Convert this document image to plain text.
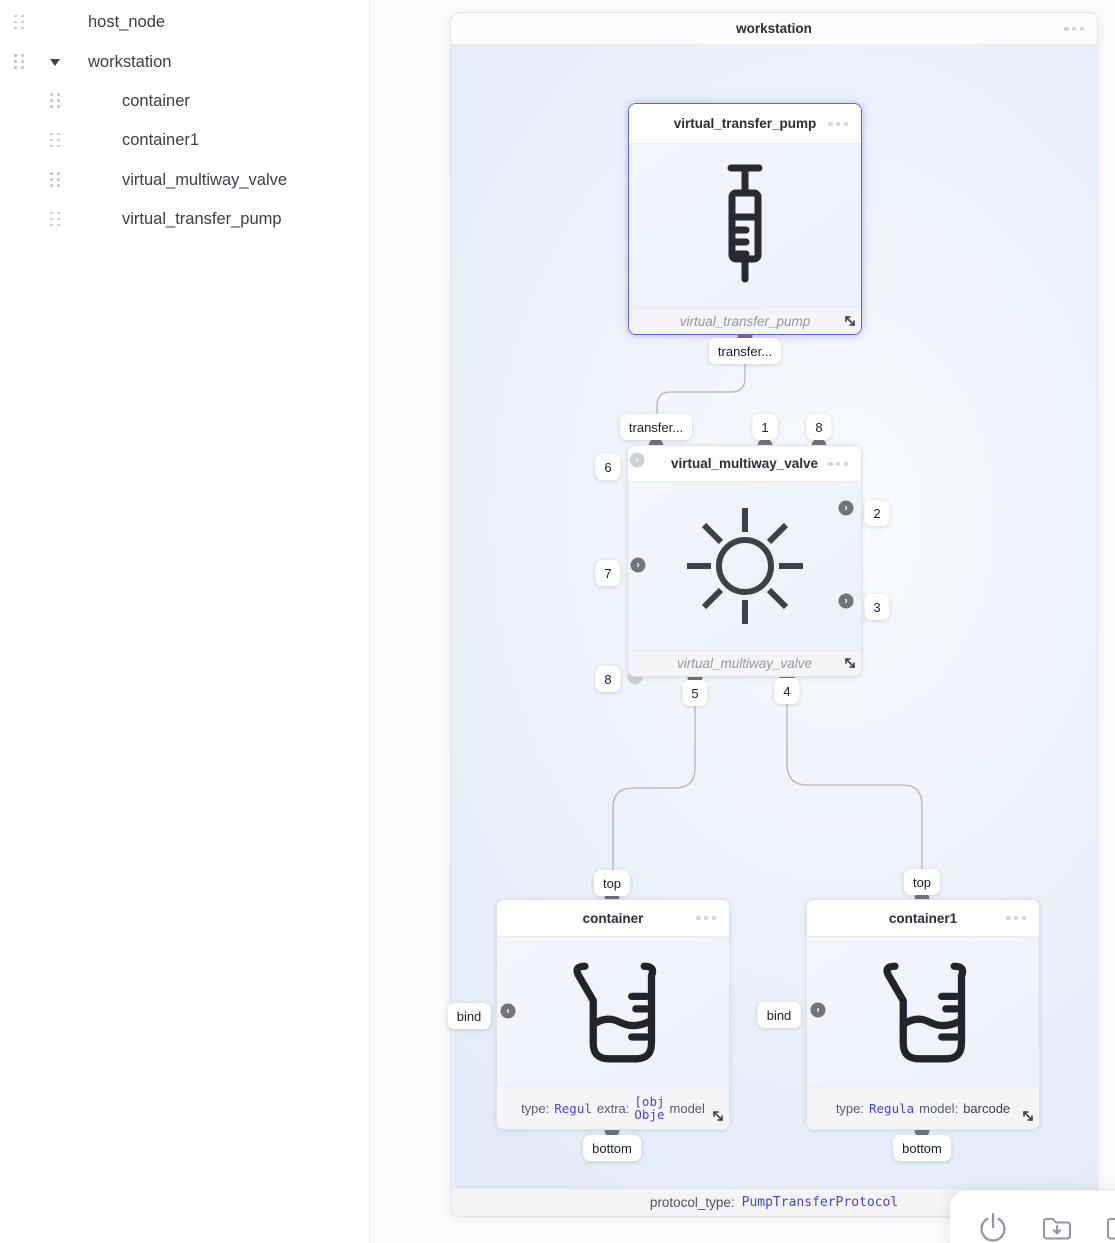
host_node
workstation
container
container1
virtual_multiway_valve
virtual_transfer_pump
workstation
protocol_type: PumpTransferProtocol
virtual_transfer_pump
virtual_transfer_pump
virtual_multiway_valve
virtual_multiway_valve
container
type: Regul extra: [obj
Obje model
container1
type: Regula model: barcode
›
›
›
›
‹
‹
transfer...
transfer...	1	8
6
7
8
2
3
5	4
top
bind
bottom
top
bind
bottom
